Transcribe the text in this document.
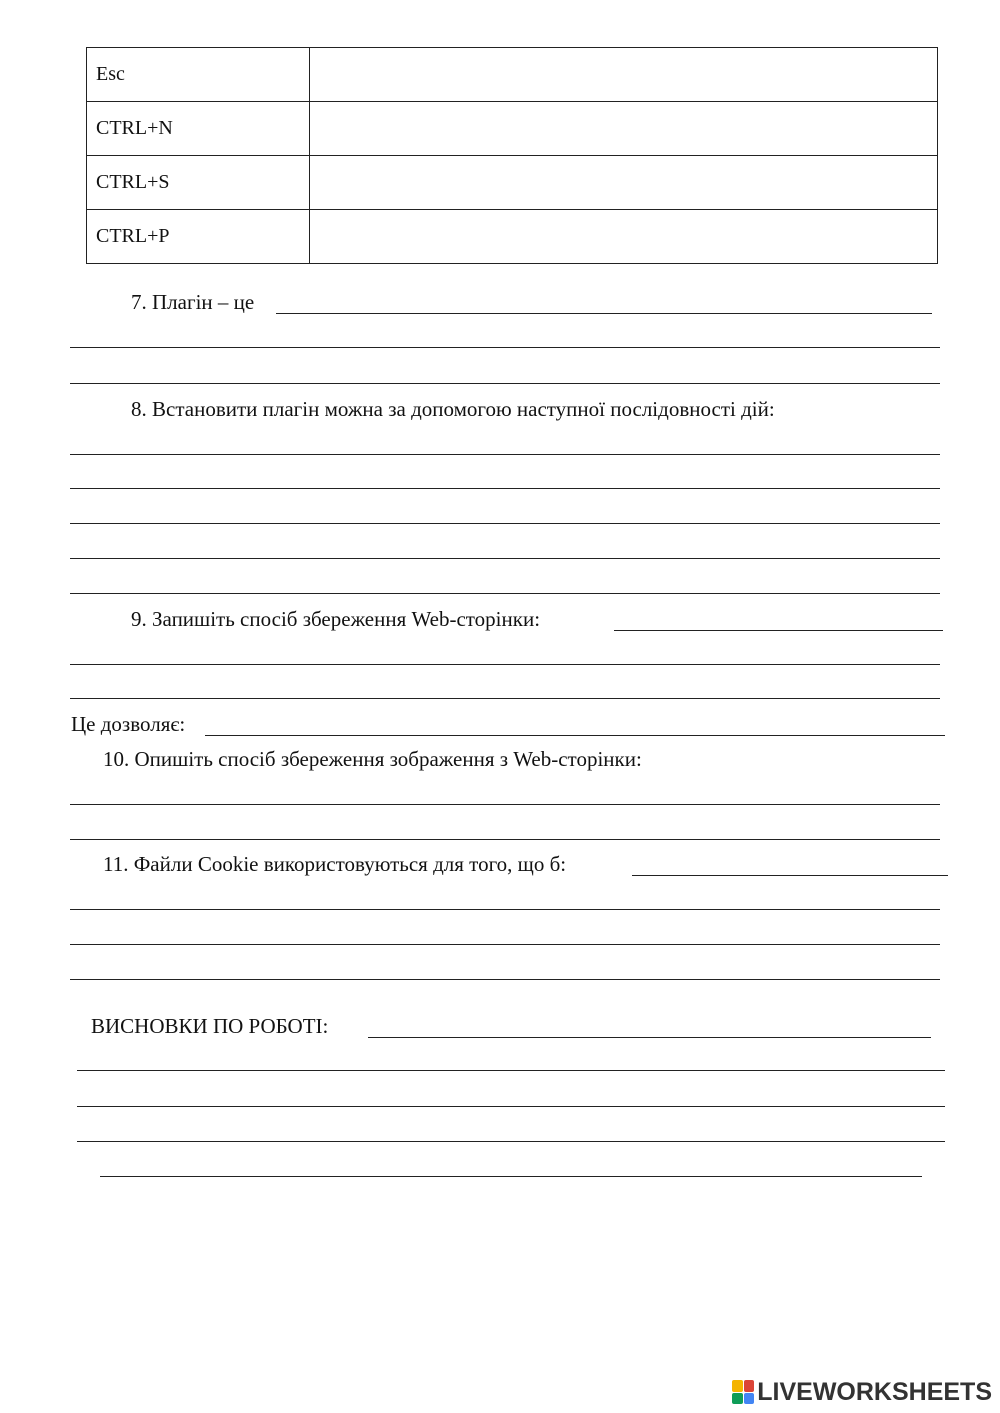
Esc	
CTRL+N	
CTRL+S	
CTRL+P	
7. Плагін – це
8. Встановити плагін можна за допомогою наступної послідовності дій:
9. Запишіть спосіб збереження Web-сторінки:
Це дозволяє:
10. Опишіть спосіб збереження зображення з Web-сторінки:
11. Файли Cookie використовуються для того, що б:
ВИСНОВКИ ПО РОБОТІ:
LIVEWORKSHEETS
